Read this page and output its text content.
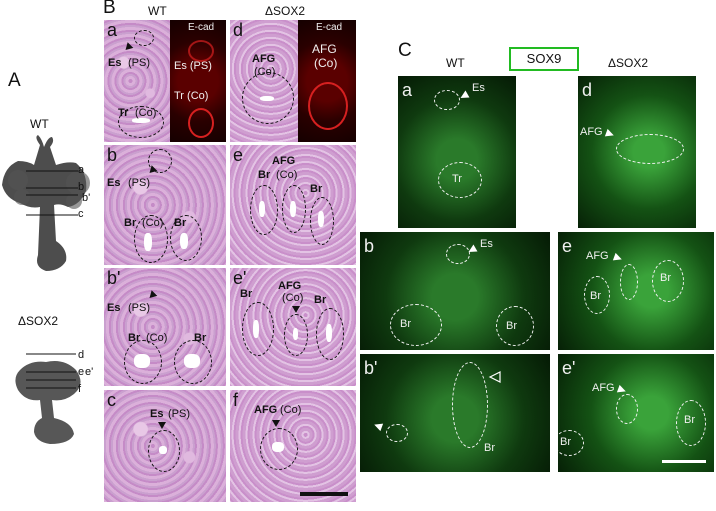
A
WT
ΔSOX2
a
b
b'
c
d
e e'
f
B	WT	ΔSOX2
a
Es (PS)
Tr (Co)
E-cad
Es (PS)
Tr (Co)
d
AFG
(Co)
E-cad
AFG
(Co)
b
Es (PS)
Br (Co) Br
e	AFG
Br (Co)
Br
b'
Es (PS)
Br (Co) Br
e'
Br
AFG
(Co) Br
c
Es (PS)
f AFG (Co)
C
WT	SOX9	ΔSOX2
a	Es
Tr
d
AFG
b	Es
Br	Br
e AFG
Br
Br
b'
Br
e'
AFG
Br
Br
